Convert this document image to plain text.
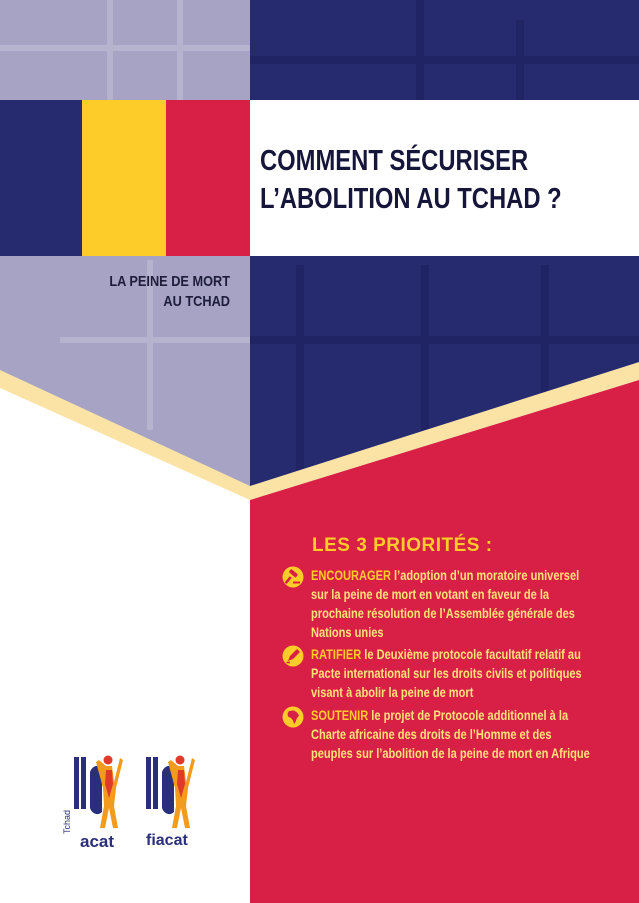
COMMENT SÉCURISER
L’ABOLITION AU TCHAD ?
LA PEINE DE MORT
AU TCHAD
LES 3 PRIORITÉS :
ENCOURAGER l’adoption d’un moratoire universel sur la peine de mort en votant en faveur de la prochaine résolution de l’Assemblée générale des Nations unies
RATIFIER le Deuxième protocole facultatif relatif au Pacte international sur les droits civils et politiques visant à abolir la peine de mort
SOUTENIR le projet de Protocole additionnel à la Charte africaine des droits de l’Homme et des peuples sur l’abolition de la peine de mort en Afrique
Tchad
acat fiacat
